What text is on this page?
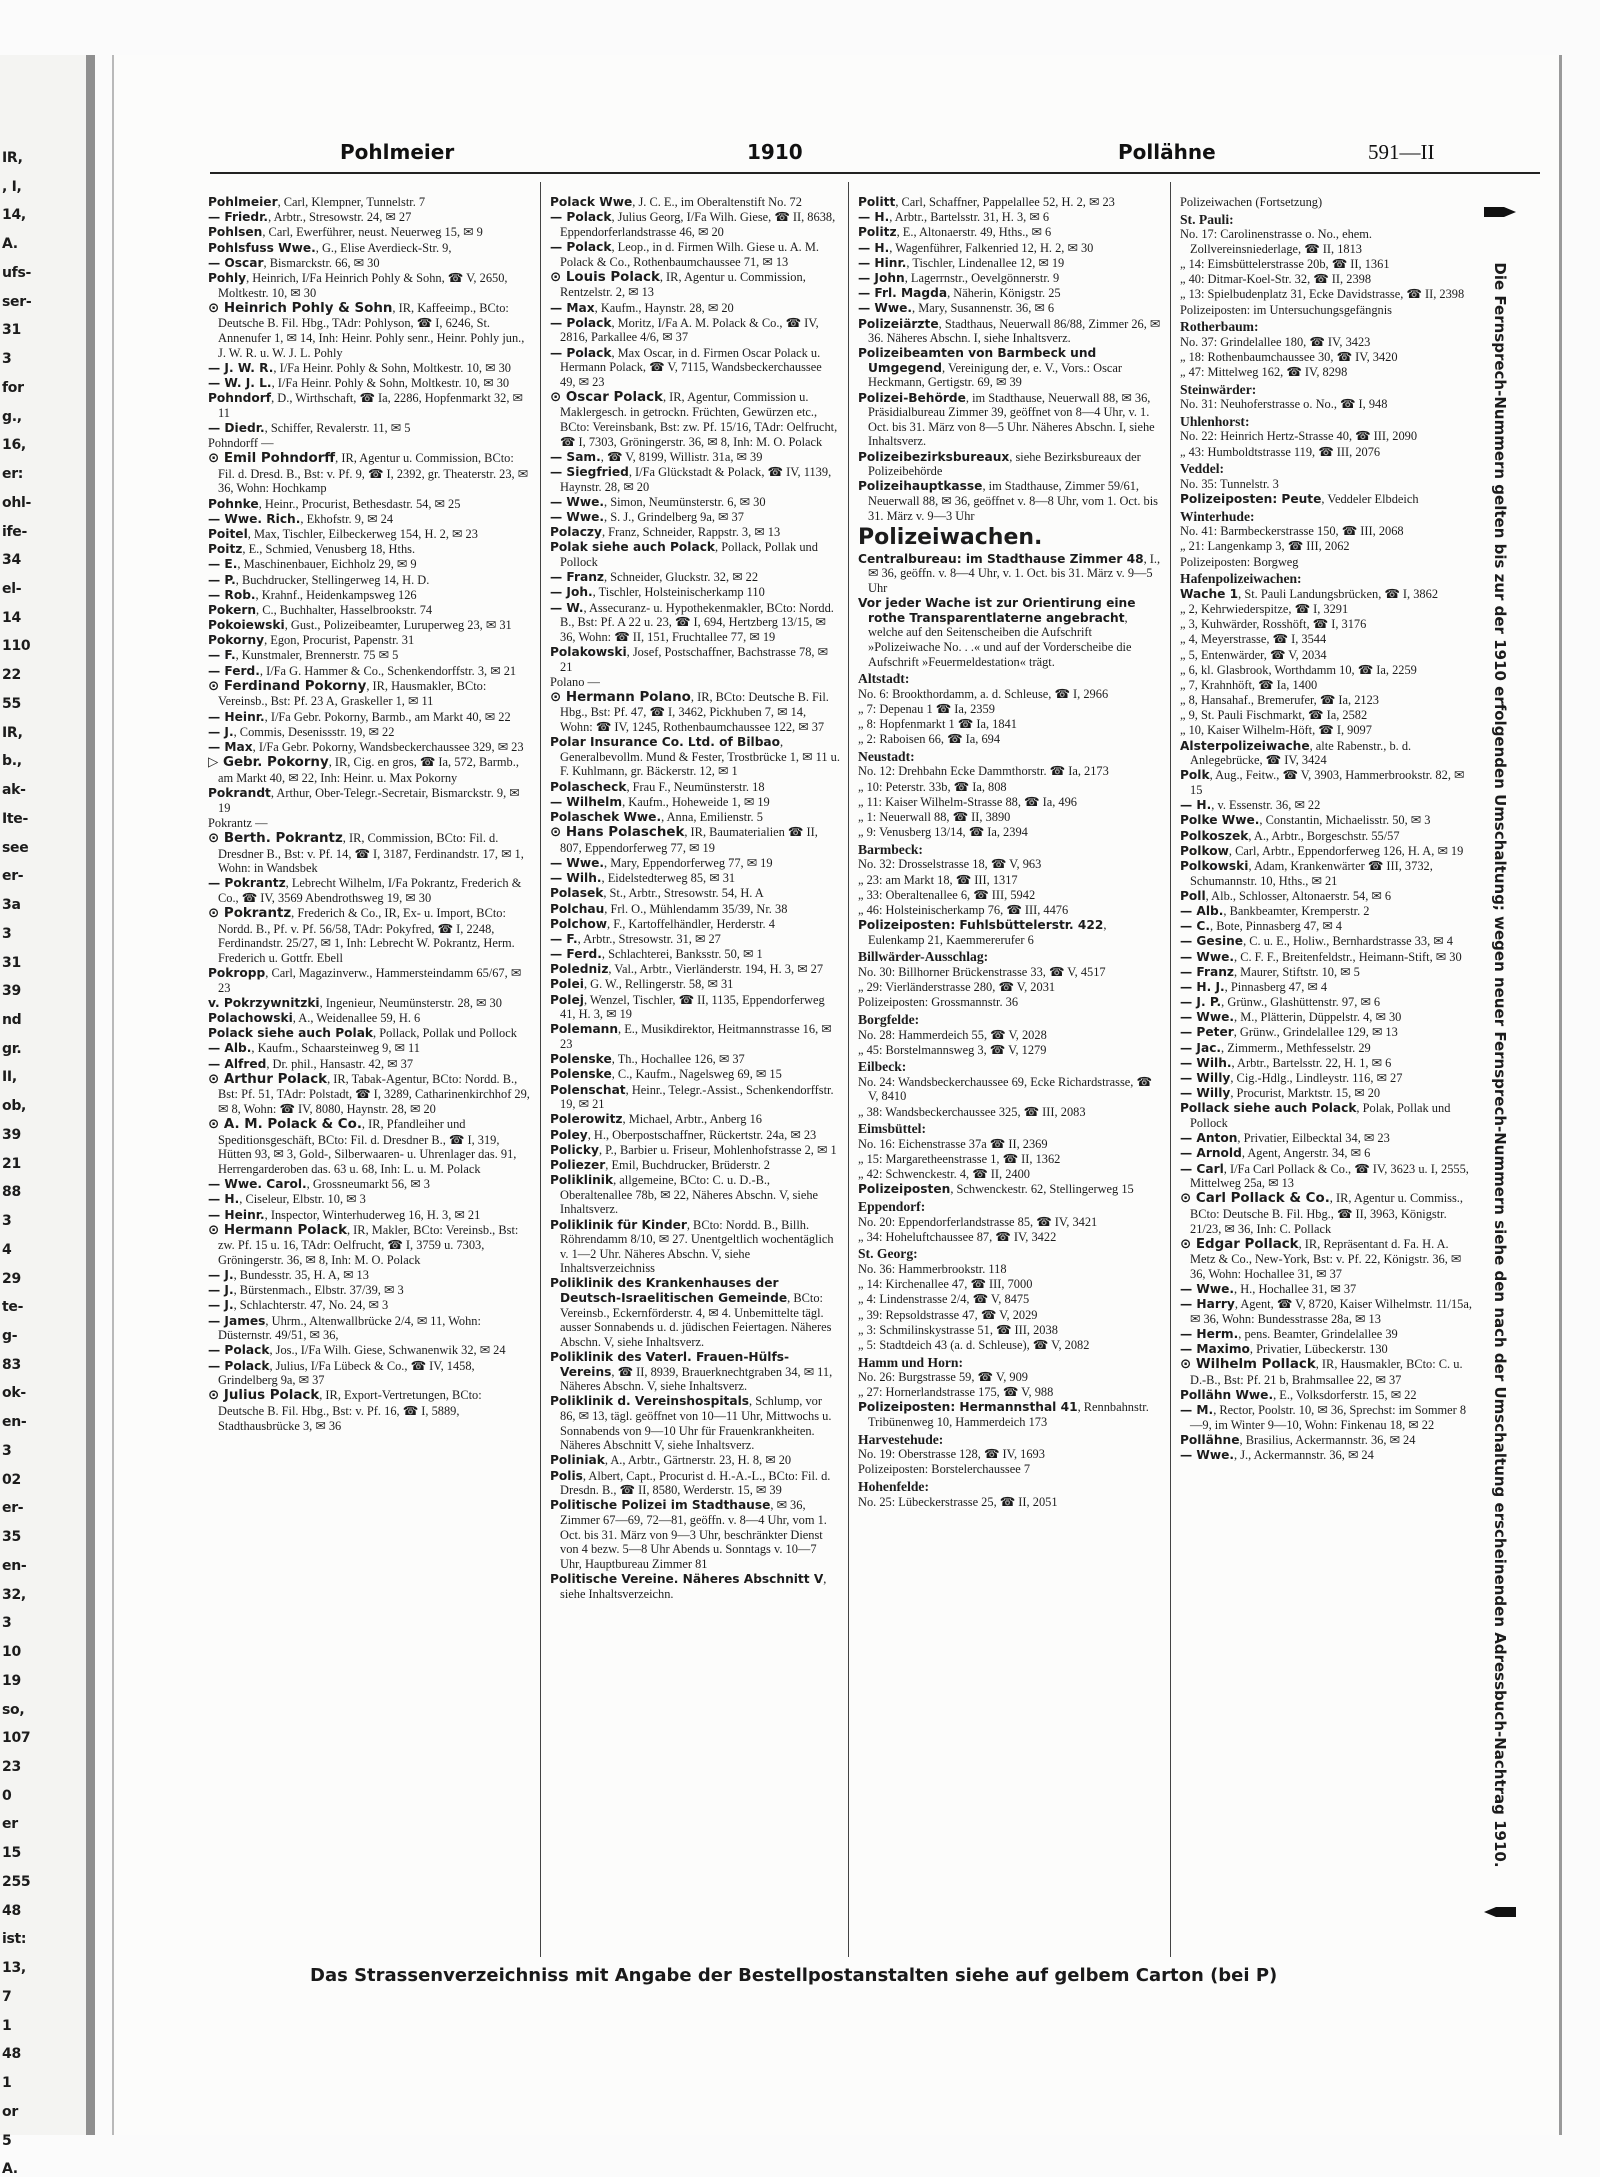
IR,
, I,
14,
A.
ufs-
ser-
31
3
for
g.,
16,
er:
ohl-
ife-
34
el-
14
110
22
55
IR,
b.,
ak-
Ite-
see
er-
3a
3
31
39
nd
gr.
II,
ob,
39
21
88
3
4
29
te-
g-
83
ok-
en-
3
02
er-
35
en-
32,
3
10
19
so,
107
23
0
er
15
255
48
ist:
13,
7
1
48
1
or
5
A.
Pohlmeier	1910	Pollähne	591—II
Pohlmeier, Carl, Klempner, Tunnelstr. 7
— Friedr., Arbtr., Stresowstr. 24, ✉ 27
Pohlsen, Carl, Ewerführer, neust. Neuerweg 15, ✉ 9
Pohlsfuss Wwe., G., Elise Averdieck-Str. 9,
— Oscar, Bismarckstr. 66, ✉ 30
Pohly, Heinrich, I/Fa Heinrich Pohly & Sohn, ☎ V, 2650, Moltkestr. 10, ✉ 30
⊙ Heinrich Pohly & Sohn, IR, Kaffeeimp., BCto: Deutsche B. Fil. Hbg., TAdr: Pohlyson, ☎ I, 6246, St. Annenufer 1, ✉ 14, Inh: Heinr. Pohly senr., Heinr. Pohly jun., J. W. R. u. W. J. L. Pohly
— J. W. R., I/Fa Heinr. Pohly & Sohn, Moltkestr. 10, ✉ 30
— W. J. L., I/Fa Heinr. Pohly & Sohn, Moltkestr. 10, ✉ 30
Pohndorf, D., Wirthschaft, ☎ Ia, 2286, Hopfenmarkt 32, ✉ 11
— Diedr., Schiffer, Revalerstr. 11, ✉ 5
Pohndorff —
⊙ Emil Pohndorff, IR, Agentur u. Commission, BCto: Fil. d. Dresd. B., Bst: v. Pf. 9, ☎ I, 2392, gr. Theaterstr. 23, ✉ 36, Wohn: Hochkamp
Pohnke, Heinr., Procurist, Bethesdastr. 54, ✉ 25
— Wwe. Rich., Ekhofstr. 9, ✉ 24
Poitel, Max, Tischler, Eilbeckerweg 154, H. 2, ✉ 23
Poitz, E., Schmied, Venusberg 18, Hths.
— E., Maschinenbauer, Eichholz 29, ✉ 9
— P., Buchdrucker, Stellingerweg 14, H. D.
— Rob., Krahnf., Heidenkampsweg 126
Pokern, C., Buchhalter, Hasselbrookstr. 74
Pokoiewski, Gust., Polizeibeamter, Luruperweg 23, ✉ 31
Pokorny, Egon, Procurist, Papenstr. 31
— F., Kunstmaler, Brennerstr. 75 ✉ 5
— Ferd., I/Fa G. Hammer & Co., Schenkendorffstr. 3, ✉ 21
⊙ Ferdinand Pokorny, IR, Hausmakler, BCto: Vereinsb., Bst: Pf. 23 A, Graskeller 1, ✉ 11
— Heinr., I/Fa Gebr. Pokorny, Barmb., am Markt 40, ✉ 22
— J., Commis, Desenissstr. 19, ✉ 22
— Max, I/Fa Gebr. Pokorny, Wandsbeckerchaussee 329, ✉ 23
▷ Gebr. Pokorny, IR, Cig. en gros, ☎ Ia, 572, Barmb., am Markt 40, ✉ 22, Inh: Heinr. u. Max Pokorny
Pokrandt, Arthur, Ober-Telegr.-Secretair, Bismarckstr. 9, ✉ 19
Pokrantz —
⊙ Berth. Pokrantz, IR, Commission, BCto: Fil. d. Dresdner B., Bst: v. Pf. 14, ☎ I, 3187, Ferdinandstr. 17, ✉ 1, Wohn: in Wandsbek
— Pokrantz, Lebrecht Wilhelm, I/Fa Pokrantz, Frederich & Co., ☎ IV, 3569 Abendrothsweg 19, ✉ 30
⊙ Pokrantz, Frederich & Co., IR, Ex- u. Import, BCto: Nordd. B., Pf. v. Pf. 56/58, TAdr: Pokyfred, ☎ I, 2248, Ferdinandstr. 25/27, ✉ 1, Inh: Lebrecht W. Pokrantz, Herm. Frederich u. Gottfr. Ebell
Pokropp, Carl, Magazinverw., Hammersteindamm 65/67, ✉ 23
v. Pokrzywnitzki, Ingenieur, Neumünsterstr. 28, ✉ 30
Polachowski, A., Weidenallee 59, H. 6
Polack siehe auch Polak, Pollack, Pollak und Pollock
— Alb., Kaufm., Schaarsteinweg 9, ✉ 11
— Alfred, Dr. phil., Hansastr. 42, ✉ 37
⊙ Arthur Polack, IR, Tabak-Agentur, BCto: Nordd. B., Bst: Pf. 51, TAdr: Polstadt, ☎ I, 3289, Catharinenkirchhof 29, ✉ 8, Wohn: ☎ IV, 8080, Haynstr. 28, ✉ 20
⊙ A. M. Polack & Co., IR, Pfandleiher und Speditionsgeschäft, BCto: Fil. d. Dresdner B., ☎ I, 319, Hütten 93, ✉ 3, Gold-, Silberwaaren- u. Uhrenlager das. 91, Herrengarderoben das. 63 u. 68, Inh: L. u. M. Polack
— Wwe. Carol., Grossneumarkt 56, ✉ 3
— H., Ciseleur, Elbstr. 10, ✉ 3
— Heinr., Inspector, Winterhuderweg 16, H. 3, ✉ 21
⊙ Hermann Polack, IR, Makler, BCto: Vereinsb., Bst: zw. Pf. 15 u. 16, TAdr: Oelfrucht, ☎ I, 3759 u. 7303, Gröningerstr. 36, ✉ 8, Inh: M. O. Polack
— J., Bundesstr. 35, H. A, ✉ 13
— J., Bürstenmach., Elbstr. 37/39, ✉ 3
— J., Schlachterstr. 47, No. 24, ✉ 3
— James, Uhrm., Altenwallbrücke 2/4, ✉ 11, Wohn: Düsternstr. 49/51, ✉ 36,
— Polack, Jos., I/Fa Wilh. Giese, Schwanenwik 32, ✉ 24
— Polack, Julius, I/Fa Lübeck & Co., ☎ IV, 1458, Grindelberg 9a, ✉ 37
⊙ Julius Polack, IR, Export-Vertretungen, BCto: Deutsche B. Fil. Hbg., Bst: v. Pf. 16, ☎ I, 5889, Stadthausbrücke 3, ✉ 36
Polack Wwe, J. C. E., im Oberaltenstift No. 72
— Polack, Julius Georg, I/Fa Wilh. Giese, ☎ II, 8638, Eppendorferlandstrasse 46, ✉ 20
— Polack, Leop., in d. Firmen Wilh. Giese u. A. M. Polack & Co., Rothenbaumchaussee 71, ✉ 13
⊙ Louis Polack, IR, Agentur u. Commission, Rentzelstr. 2, ✉ 13
— Max, Kaufm., Haynstr. 28, ✉ 20
— Polack, Moritz, I/Fa A. M. Polack & Co., ☎ IV, 2816, Parkallee 4/6, ✉ 37
— Polack, Max Oscar, in d. Firmen Oscar Polack u. Hermann Polack, ☎ V, 7115, Wandsbeckerchaussee 49, ✉ 23
⊙ Oscar Polack, IR, Agentur, Commission u. Maklergesch. in getrockn. Früchten, Gewürzen etc., BCto: Vereinsbank, Bst: zw. Pf. 15/16, TAdr: Oelfrucht, ☎ I, 7303, Gröningerstr. 36, ✉ 8, Inh: M. O. Polack
— Sam., ☎ V, 8199, Willistr. 31a, ✉ 39
— Siegfried, I/Fa Glückstadt & Polack, ☎ IV, 1139, Haynstr. 28, ✉ 20
— Wwe., Simon, Neumünsterstr. 6, ✉ 30
— Wwe., S. J., Grindelberg 9a, ✉ 37
Polaczy, Franz, Schneider, Rappstr. 3, ✉ 13
Polak siehe auch Polack, Pollack, Pollak und Pollock
— Franz, Schneider, Gluckstr. 32, ✉ 22
— Joh., Tischler, Holsteinischerkamp 110
— W., Assecuranz- u. Hypothekenmakler, BCto: Nordd. B., Bst: Pf. A 22 u. 23, ☎ I, 694, Hertzberg 13/15, ✉ 36, Wohn: ☎ II, 151, Fruchtallee 77, ✉ 19
Polakowski, Josef, Postschaffner, Bachstrasse 78, ✉ 21
Polano —
⊙ Hermann Polano, IR, BCto: Deutsche B. Fil. Hbg., Bst: Pf. 47, ☎ I, 3462, Pickhuben 7, ✉ 14, Wohn: ☎ IV, 1245, Rothenbaumchaussee 122, ✉ 37
Polar Insurance Co. Ltd. of Bilbao, Generalbevollm. Mund & Fester, Trostbrücke 1, ✉ 11 u. F. Kuhlmann, gr. Bäckerstr. 12, ✉ 1
Polascheck, Frau F., Neumünsterstr. 18
— Wilhelm, Kaufm., Hoheweide 1, ✉ 19
Polaschek Wwe., Anna, Emilienstr. 5
⊙ Hans Polaschek, IR, Baumaterialien ☎ II, 807, Eppendorferweg 77, ✉ 19
— Wwe., Mary, Eppendorferweg 77, ✉ 19
— Wilh., Eidelstedterweg 85, ✉ 31
Polasek, St., Arbtr., Stresowstr. 54, H. A
Polchau, Frl. O., Mühlendamm 35/39, Nr. 38
Polchow, F., Kartoffelhändler, Herderstr. 4
— F., Arbtr., Stresowstr. 31, ✉ 27
— Ferd., Schlachterei, Banksstr. 50, ✉ 1
Poledniz, Val., Arbtr., Vierländerstr. 194, H. 3, ✉ 27
Polei, G. W., Rellingerstr. 58, ✉ 31
Polej, Wenzel, Tischler, ☎ II, 1135, Eppendorferweg 41, H. 3, ✉ 19
Polemann, E., Musikdirektor, Heitmannstrasse 16, ✉ 23
Polenske, Th., Hochallee 126, ✉ 37
Polenske, C., Kaufm., Nagelsweg 69, ✉ 15
Polenschat, Heinr., Telegr.-Assist., Schenkendorffstr. 19, ✉ 21
Polerowitz, Michael, Arbtr., Anberg 16
Poley, H., Oberpostschaffner, Rückertstr. 24a, ✉ 23
Policky, P., Barbier u. Friseur, Mohlenhofstrasse 2, ✉ 1
Poliezer, Emil, Buchdrucker, Brüderstr. 2
Poliklinik, allgemeine, BCto: C. u. D.-B., Oberaltenallee 78b, ✉ 22, Näheres Abschn. V, siehe Inhaltsverz.
Poliklinik für Kinder, BCto: Nordd. B., Billh. Röhrendamm 8/10, ✉ 27. Unentgeltlich wochentäglich v. 1—2 Uhr. Näheres Abschn. V, siehe Inhaltsverzeichniss
Poliklinik des Krankenhauses der Deutsch-Israelitischen Gemeinde, BCto: Vereinsb., Eckernförderstr. 4, ✉ 4. Unbemittelte tägl. ausser Sonnabends u. d. jüdischen Feiertagen. Näheres Abschn. V, siehe Inhaltsverz.
Poliklinik des Vaterl. Frauen-Hülfs-Vereins, ☎ II, 8939, Brauerknechtgraben 34, ✉ 11, Näheres Abschn. V, siehe Inhaltsverz.
Poliklinik d. Vereinshospitals, Schlump, vor 86, ✉ 13, tägl. geöffnet von 10—11 Uhr, Mittwochs u. Sonnabends von 9—10 Uhr für Frauenkrankheiten. Näheres Abschnitt V, siehe Inhaltsverz.
Poliniak, A., Arbtr., Gärtnerstr. 23, H. 8, ✉ 20
Polis, Albert, Capt., Procurist d. H.-A.-L., BCto: Fil. d. Dresdn. B., ☎ II, 8580, Werderstr. 15, ✉ 39
Politische Polizei im Stadthause, ✉ 36, Zimmer 67—69, 72—81, geöffn. v. 8—4 Uhr, vom 1. Oct. bis 31. März von 9—3 Uhr, beschränkter Dienst von 4 bezw. 5—8 Uhr Abends u. Sonntags v. 10—7 Uhr, Hauptbureau Zimmer 81
Politische Vereine. Näheres Abschnitt V, siehe Inhaltsverzeichn.
Politt, Carl, Schaffner, Pappelallee 52, H. 2, ✉ 23
— H., Arbtr., Bartelsstr. 31, H. 3, ✉ 6
Politz, E., Altonaerstr. 49, Hths., ✉ 6
— H., Wagenführer, Falkenried 12, H. 2, ✉ 30
— Hinr., Tischler, Lindenallee 12, ✉ 19
— John, Lagerrnstr., Oevelgönnerstr. 9
— Frl. Magda, Näherin, Königstr. 25
— Wwe., Mary, Susannenstr. 36, ✉ 6
Polizeiärzte, Stadthaus, Neuerwall 86/88, Zimmer 26, ✉ 36. Näheres Abschn. I, siehe Inhaltsverz.
Polizeibeamten von Barmbeck und Umgegend, Vereinigung der, e. V., Vors.: Oscar Heckmann, Gertigstr. 69, ✉ 39
Polizei-Behörde, im Stadthause, Neuerwall 88, ✉ 36, Präsidialbureau Zimmer 39, geöffnet von 8—4 Uhr, v. 1. Oct. bis 31. März von 8—5 Uhr. Näheres Abschn. I, siehe Inhaltsverz.
Polizeibezirksbureaux, siehe Bezirksbureaux der Polizeibehörde
Polizeihauptkasse, im Stadthause, Zimmer 59/61, Neuerwall 88, ✉ 36, geöffnet v. 8—8 Uhr, vom 1. Oct. bis 31. März v. 9—3 Uhr
Polizeiwachen.
Centralbureau: im Stadthause Zimmer 48, I., ✉ 36, geöffn. v. 8—4 Uhr, v. 1. Oct. bis 31. März v. 9—5 Uhr
Vor jeder Wache ist zur Orientirung eine rothe Transparentlaterne angebracht, welche auf den Seitenscheiben die Aufschrift »Polizeiwache No. . .« und auf der Vorderscheibe die Aufschrift »Feuermeldestation« trägt.
Altstadt:
No. 6: Brookthordamm, a. d. Schleuse, ☎ I, 2966
„ 7: Depenau 1 ☎ Ia, 2359
„ 8: Hopfenmarkt 1 ☎ Ia, 1841
„ 2: Raboisen 66, ☎ Ia, 694
Neustadt:
No. 12: Drehbahn Ecke Dammthorstr. ☎ Ia, 2173
„ 10: Peterstr. 33b, ☎ Ia, 808
„ 11: Kaiser Wilhelm-Strasse 88, ☎ Ia, 496
„ 1: Neuerwall 88, ☎ II, 3890
„ 9: Venusberg 13/14, ☎ Ia, 2394
Barmbeck:
No. 32: Drosselstrasse 18, ☎ V, 963
„ 23: am Markt 18, ☎ III, 1317
„ 33: Oberaltenallee 6, ☎ III, 5942
„ 46: Holsteinischerkamp 76, ☎ III, 4476
Polizeiposten: Fuhlsbüttelerstr. 422, Eulenkamp 21, Kaemmererufer 6
Billwärder-Ausschlag:
No. 30: Billhorner Brückenstrasse 33, ☎ V, 4517
„ 29: Vierländerstrasse 280, ☎ V, 2031
Polizeiposten: Grossmannstr. 36
Borgfelde:
No. 28: Hammerdeich 55, ☎ V, 2028
„ 45: Borstelmannsweg 3, ☎ V, 1279
Eilbeck:
No. 24: Wandsbeckerchaussee 69, Ecke Richardstrasse, ☎ V, 8410
„ 38: Wandsbeckerchaussee 325, ☎ III, 2083
Eimsbüttel:
No. 16: Eichenstrasse 37a ☎ II, 2369
„ 15: Margaretheenstrasse 1, ☎ II, 1362
„ 42: Schwenckestr. 4, ☎ II, 2400
Polizeiposten, Schwenckestr. 62, Stellingerweg 15
Eppendorf:
No. 20: Eppendorferlandstrasse 85, ☎ IV, 3421
„ 34: Hoheluftchaussee 87, ☎ IV, 3422
St. Georg:
No. 36: Hammerbrookstr. 118
„ 14: Kirchenallee 47, ☎ III, 7000
„ 4: Lindenstrasse 2/4, ☎ V, 8475
„ 39: Repsoldstrasse 47, ☎ V, 2029
„ 3: Schmilinskystrasse 51, ☎ III, 2038
„ 5: Stadtdeich 43 (a. d. Schleuse), ☎ V, 2082
Hamm und Horn:
No. 26: Burgstrasse 59, ☎ V, 909
„ 27: Hornerlandstrasse 175, ☎ V, 988
Polizeiposten: Hermannsthal 41, Rennbahnstr. Tribünenweg 10, Hammerdeich 173
Harvestehude:
No. 19: Oberstrasse 128, ☎ IV, 1693
Polizeiposten: Borstelerchaussee 7
Hohenfelde:
No. 25: Lübeckerstrasse 25, ☎ II, 2051
Polizeiwachen (Fortsetzung)
St. Pauli:
No. 17: Carolinenstrasse o. No., ehem. Zollvereinsniederlage, ☎ II, 1813
„ 14: Eimsbüttelerstrasse 20b, ☎ II, 1361
„ 40: Ditmar-Koel-Str. 32, ☎ II, 2398
„ 13: Spielbudenplatz 31, Ecke Davidstrasse, ☎ II, 2398
Polizeiposten: im Untersuchungsgefängnis
Rotherbaum:
No. 37: Grindelallee 180, ☎ IV, 3423
„ 18: Rothenbaumchaussee 30, ☎ IV, 3420
„ 47: Mittelweg 162, ☎ IV, 8298
Steinwärder:
No. 31: Neuhoferstrasse o. No., ☎ I, 948
Uhlenhorst:
No. 22: Heinrich Hertz-Strasse 40, ☎ III, 2090
„ 43: Humboldtstrasse 119, ☎ III, 2076
Veddel:
No. 35: Tunnelstr. 3
Polizeiposten: Peute, Veddeler Elbdeich
Winterhude:
No. 41: Barmbeckerstrasse 150, ☎ III, 2068
„ 21: Langenkamp 3, ☎ III, 2062
Polizeiposten: Borgweg
Hafenpolizeiwachen:
Wache 1, St. Pauli Landungsbrücken, ☎ I, 3862
„ 2, Kehrwiederspitze, ☎ I, 3291
„ 3, Kuhwärder, Rosshöft, ☎ I, 3176
„ 4, Meyerstrasse, ☎ I, 3544
„ 5, Entenwärder, ☎ V, 2034
„ 6, kl. Glasbrook, Worthdamm 10, ☎ Ia, 2259
„ 7, Krahnhöft, ☎ Ia, 1400
„ 8, Hansahaf., Bremerufer, ☎ Ia, 2123
„ 9, St. Pauli Fischmarkt, ☎ Ia, 2582
„ 10, Kaiser Wilhelm-Höft, ☎ I, 9097
Alsterpolizeiwache, alte Rabenstr., b. d. Anlegebrücke, ☎ IV, 3424
Polk, Aug., Feitw., ☎ V, 3903, Hammerbrookstr. 82, ✉ 15
— H., v. Essenstr. 36, ✉ 22
Polke Wwe., Constantin, Michaelisstr. 50, ✉ 3
Polkoszek, A., Arbtr., Borgeschstr. 55/57
Polkow, Carl, Arbtr., Eppendorferweg 126, H. A, ✉ 19
Polkowski, Adam, Krankenwärter ☎ III, 3732, Schumannstr. 10, Hths., ✉ 21
Poll, Alb., Schlosser, Altonaerstr. 54, ✉ 6
— Alb., Bankbeamter, Kremperstr. 2
— C., Bote, Pinnasberg 47, ✉ 4
— Gesine, C. u. E., Holiw., Bernhardstrasse 33, ✉ 4
— Wwe., C. F. F., Breitenfeldstr., Heimann-Stift, ✉ 30
— Franz, Maurer, Stiftstr. 10, ✉ 5
— H. J., Pinnasberg 47, ✉ 4
— J. P., Grünw., Glashüttenstr. 97, ✉ 6
— Wwe., M., Plätterin, Düppelstr. 4, ✉ 30
— Peter, Grünw., Grindelallee 129, ✉ 13
— Jac., Zimmerm., Methfesselstr. 29
— Wilh., Arbtr., Bartelsstr. 22, H. 1, ✉ 6
— Willy, Cig.-Hdlg., Lindleystr. 116, ✉ 27
— Willy, Procurist, Marktstr. 15, ✉ 20
Pollack siehe auch Polack, Polak, Pollak und Pollock
— Anton, Privatier, Eilbecktal 34, ✉ 23
— Arnold, Agent, Angerstr. 34, ✉ 6
— Carl, I/Fa Carl Pollack & Co., ☎ IV, 3623 u. I, 2555, Mittelweg 25a, ✉ 13
⊙ Carl Pollack & Co., IR, Agentur u. Commiss., BCto: Deutsche B. Fil. Hbg., ☎ II, 3963, Königstr. 21/23, ✉ 36, Inh: C. Pollack
⊙ Edgar Pollack, IR, Repräsentant d. Fa. H. A. Metz & Co., New-York, Bst: v. Pf. 22, Königstr. 36, ✉ 36, Wohn: Hochallee 31, ✉ 37
— Wwe., H., Hochallee 31, ✉ 37
— Harry, Agent, ☎ V, 8720, Kaiser Wilhelmstr. 11/15a, ✉ 36, Wohn: Bundesstrasse 28a, ✉ 13
— Herm., pens. Beamter, Grindelallee 39
— Maximo, Privatier, Lübeckerstr. 130
⊙ Wilhelm Pollack, IR, Hausmakler, BCto: C. u. D.-B., Bst: Pf. 21 b, Brahmsallee 22, ✉ 37
Pollähn Wwe., E., Volksdorferstr. 15, ✉ 22
— M., Rector, Poolstr. 10, ✉ 36, Sprechst: im Sommer 8—9, im Winter 9—10, Wohn: Finkenau 18, ✉ 22
Pollähne, Brasilius, Ackermannstr. 36, ✉ 24
— Wwe., J., Ackermannstr. 36, ✉ 24	Die Fernsprech-Nummern gelten bis zur der 1910 erfolgenden Umschaltung; wegen neuer Fernsprech-Nummern siehe den nach der Umschaltung erscheinenden Adressbuch-Nachtrag 1910.
Das Strassenverzeichniss mit Angabe der Bestellpostanstalten siehe auf gelbem Carton (bei P)
